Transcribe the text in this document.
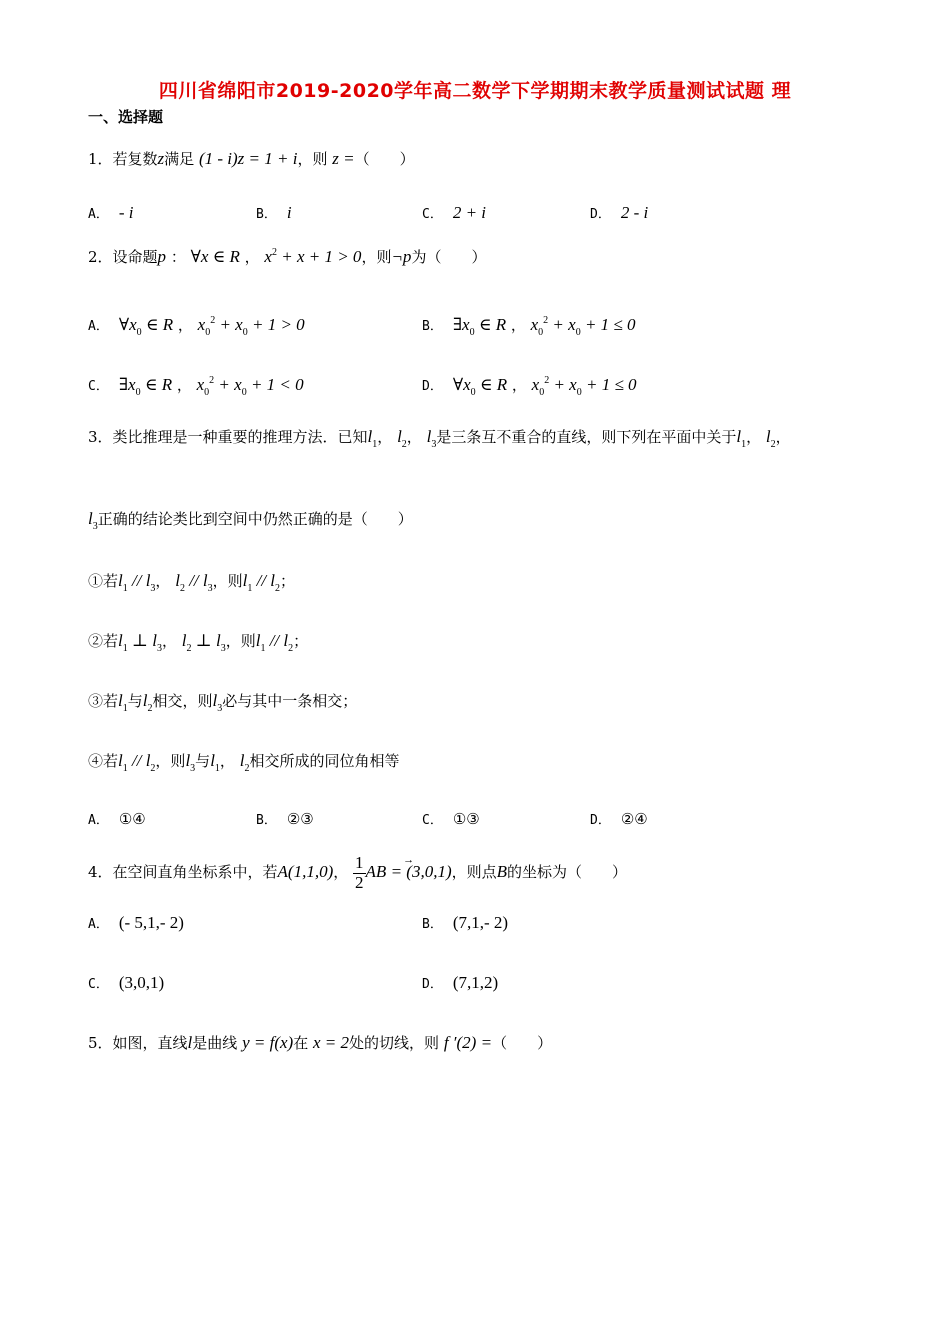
四川省绵阳市2019-2020学年高二数学下学期期末教学质量测试试题 理
一、选择题
1．若复数z满足 (1 - i)z = 1 + i，则 z =（　　）
A． - i	B． i	C． 2 + i	D． 2 - i
2．设命题p ： ∀x ∈ R ， $x^2 + x + 1 > 0$，则¬p为（　　）
A． $\forall x_0$ ∈ R ， $x_0^2 + x_0 + 1 > 0$	B． $\exists x_0$ ∈ R ， $x_0^2 + x_0 + 1 \le 0$
C． $\exists x_0$ ∈ R ， $x_0^2 + x_0 + 1 < 0$	D． $\forall x_0$ ∈ R ， $x_0^2 + x_0 + 1 \le 0$
3．类比推理是一种重要的推理方法．已知$l_1$， $l_2$， $l_3$是三条互不重合的直线，则下列在平面中关于$l_1$， $l_2$，
$l_3$正确的结论类比到空间中仍然正确的是（　　）
①若$l_1 // l_3$， $l_2 // l_3$，则$l_1 // l_2$；
②若$l_1$ ⊥ $l_3$， $l_2$ ⊥ $l_3$，则$l_1 // l_2$；
③若$l_1$与$l_2$相交，则$l_3$必与其中一条相交；
④若$l_1 // l_2$，则$l_3$与$l_1$， $l_2$相交所成的同位角相等
A． ①④	B． ②③	C． ①③	D． ②④
4．在空间直角坐标系中，若A(1,1,0)， $\frac{1}{2}$
→ AB = (3,0,1)，则点B的坐标为（　　）
A． (- 5,1,- 2)	B． (7,1,- 2)
C． (3,0,1)	D． (7,1,2)
5．如图，直线l是曲线 y = f(x)在 x = 2处的切线，则 f ′(2) =（　　）
